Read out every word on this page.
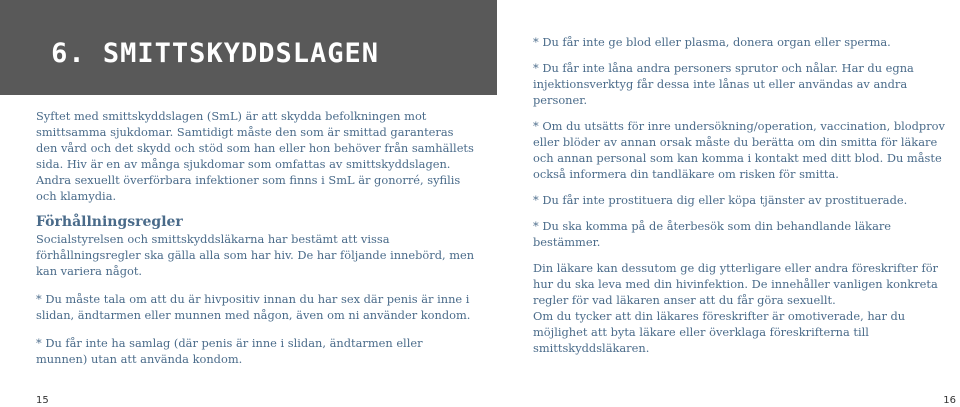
6. SMITTSKYDDSLAGEN

Syftet med smittskyddslagen (SmL) är att skydda befolkningen mot smittsamma sjukdomar. Samtidigt måste den som är smittad garanteras den vård och det skydd och stöd som han eller hon behöver från samhällets sida. Hiv är en av många sjukdomar som omfattas av smittskyddslagen. Andra sexuellt överförbara infektioner som finns i SmL är gonorré, syfilis och klamydia.

Förhållningsregler

Socialstyrelsen och smittskyddsläkarna har bestämt att vissa förhållningsregler ska gälla alla som har hiv. De har följande innebörd, men kan variera något.

* Du måste tala om att du är hivpositiv innan du har sex där penis är inne i slidan, ändtarmen eller munnen med någon, även om ni använder kondom.

* Du får inte ha samlag (där penis är inne i slidan, ändtarmen eller munnen) utan att använda kondom.

* Du får inte ge blod eller plasma, donera organ eller sperma.

* Du får inte låna andra personers sprutor och nålar. Har du egna injektionsverktyg får dessa inte lånas ut eller användas av andra personer.

* Om du utsätts för inre undersökning/operation, vaccination, blodprov eller blöder av annan orsak måste du berätta om din smitta för läkare och annan personal som kan komma i kontakt med ditt blod. Du måste också informera din tandläkare om risken för smitta.

* Du får inte prostituera dig eller köpa tjänster av prostituerade.

* Du ska komma på de återbesök som din behandlande läkare bestämmer.

Din läkare kan dessutom ge dig ytterligare eller andra föreskrifter för hur du ska leva med din hivinfektion. De innehåller vanligen konkreta regler för vad läkaren anser att du får göra sexuellt.

Om du tycker att din läkares föreskrifter är omotiverade, har du möjlighet att byta läkare eller överklaga föreskrifterna till smittskyddsläkaren.

15	16
